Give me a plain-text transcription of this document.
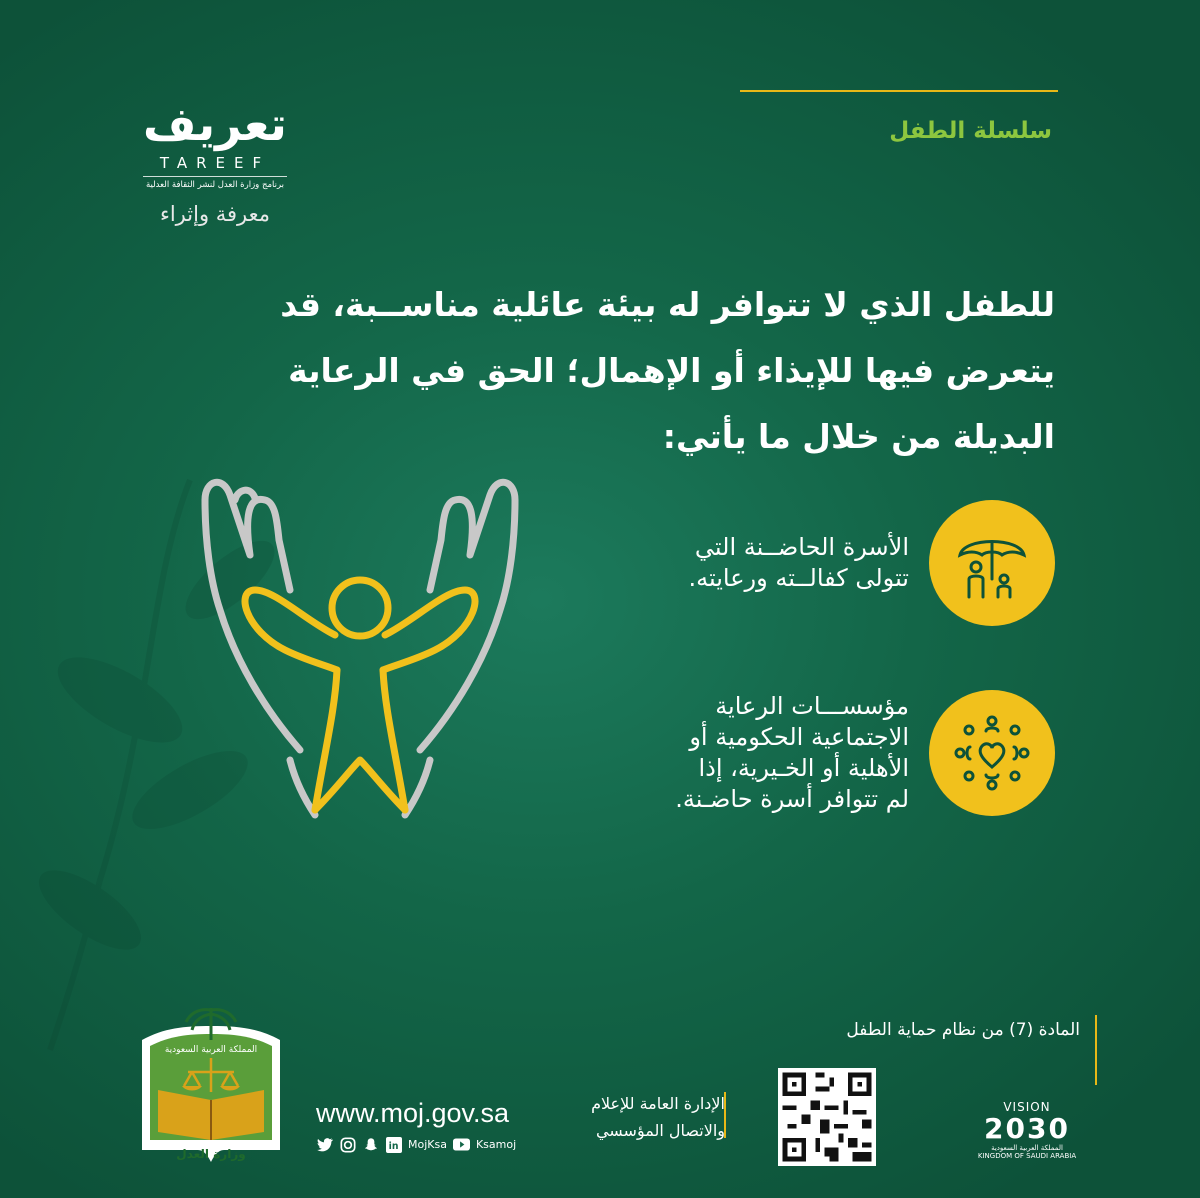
سلسلة الطفل
تعريف
TAREEF
برنامج وزارة العدل لنشر الثقافة العدلية
معرفة وإثراء
للطفل الذي لا تتوافر له بيئة عائلية مناســبة، قد يتعرض فيها للإيذاء أو الإهمال؛ الحق في الرعاية البديلة من خلال ما يأتي:
الأسرة الحاضــنة التي
تتولى كفالــته ورعايته.
مؤسســـات الرعاية
الاجتماعية الحكومية أو
الأهلية أو الخـيرية، إذا
لم تتوافر أسرة حاضـنة.
المادة (7) من نظام حماية الطفل
VISION
2030
المملكة العربية السعودية
KINGDOM OF SAUDI ARABIA
الإدارة العامة للإعلام
والاتصال المؤسسي
www.moj.gov.sa
in MojKsa	Ksamoj
المملكة العربية السعودية
وزارة العدل
